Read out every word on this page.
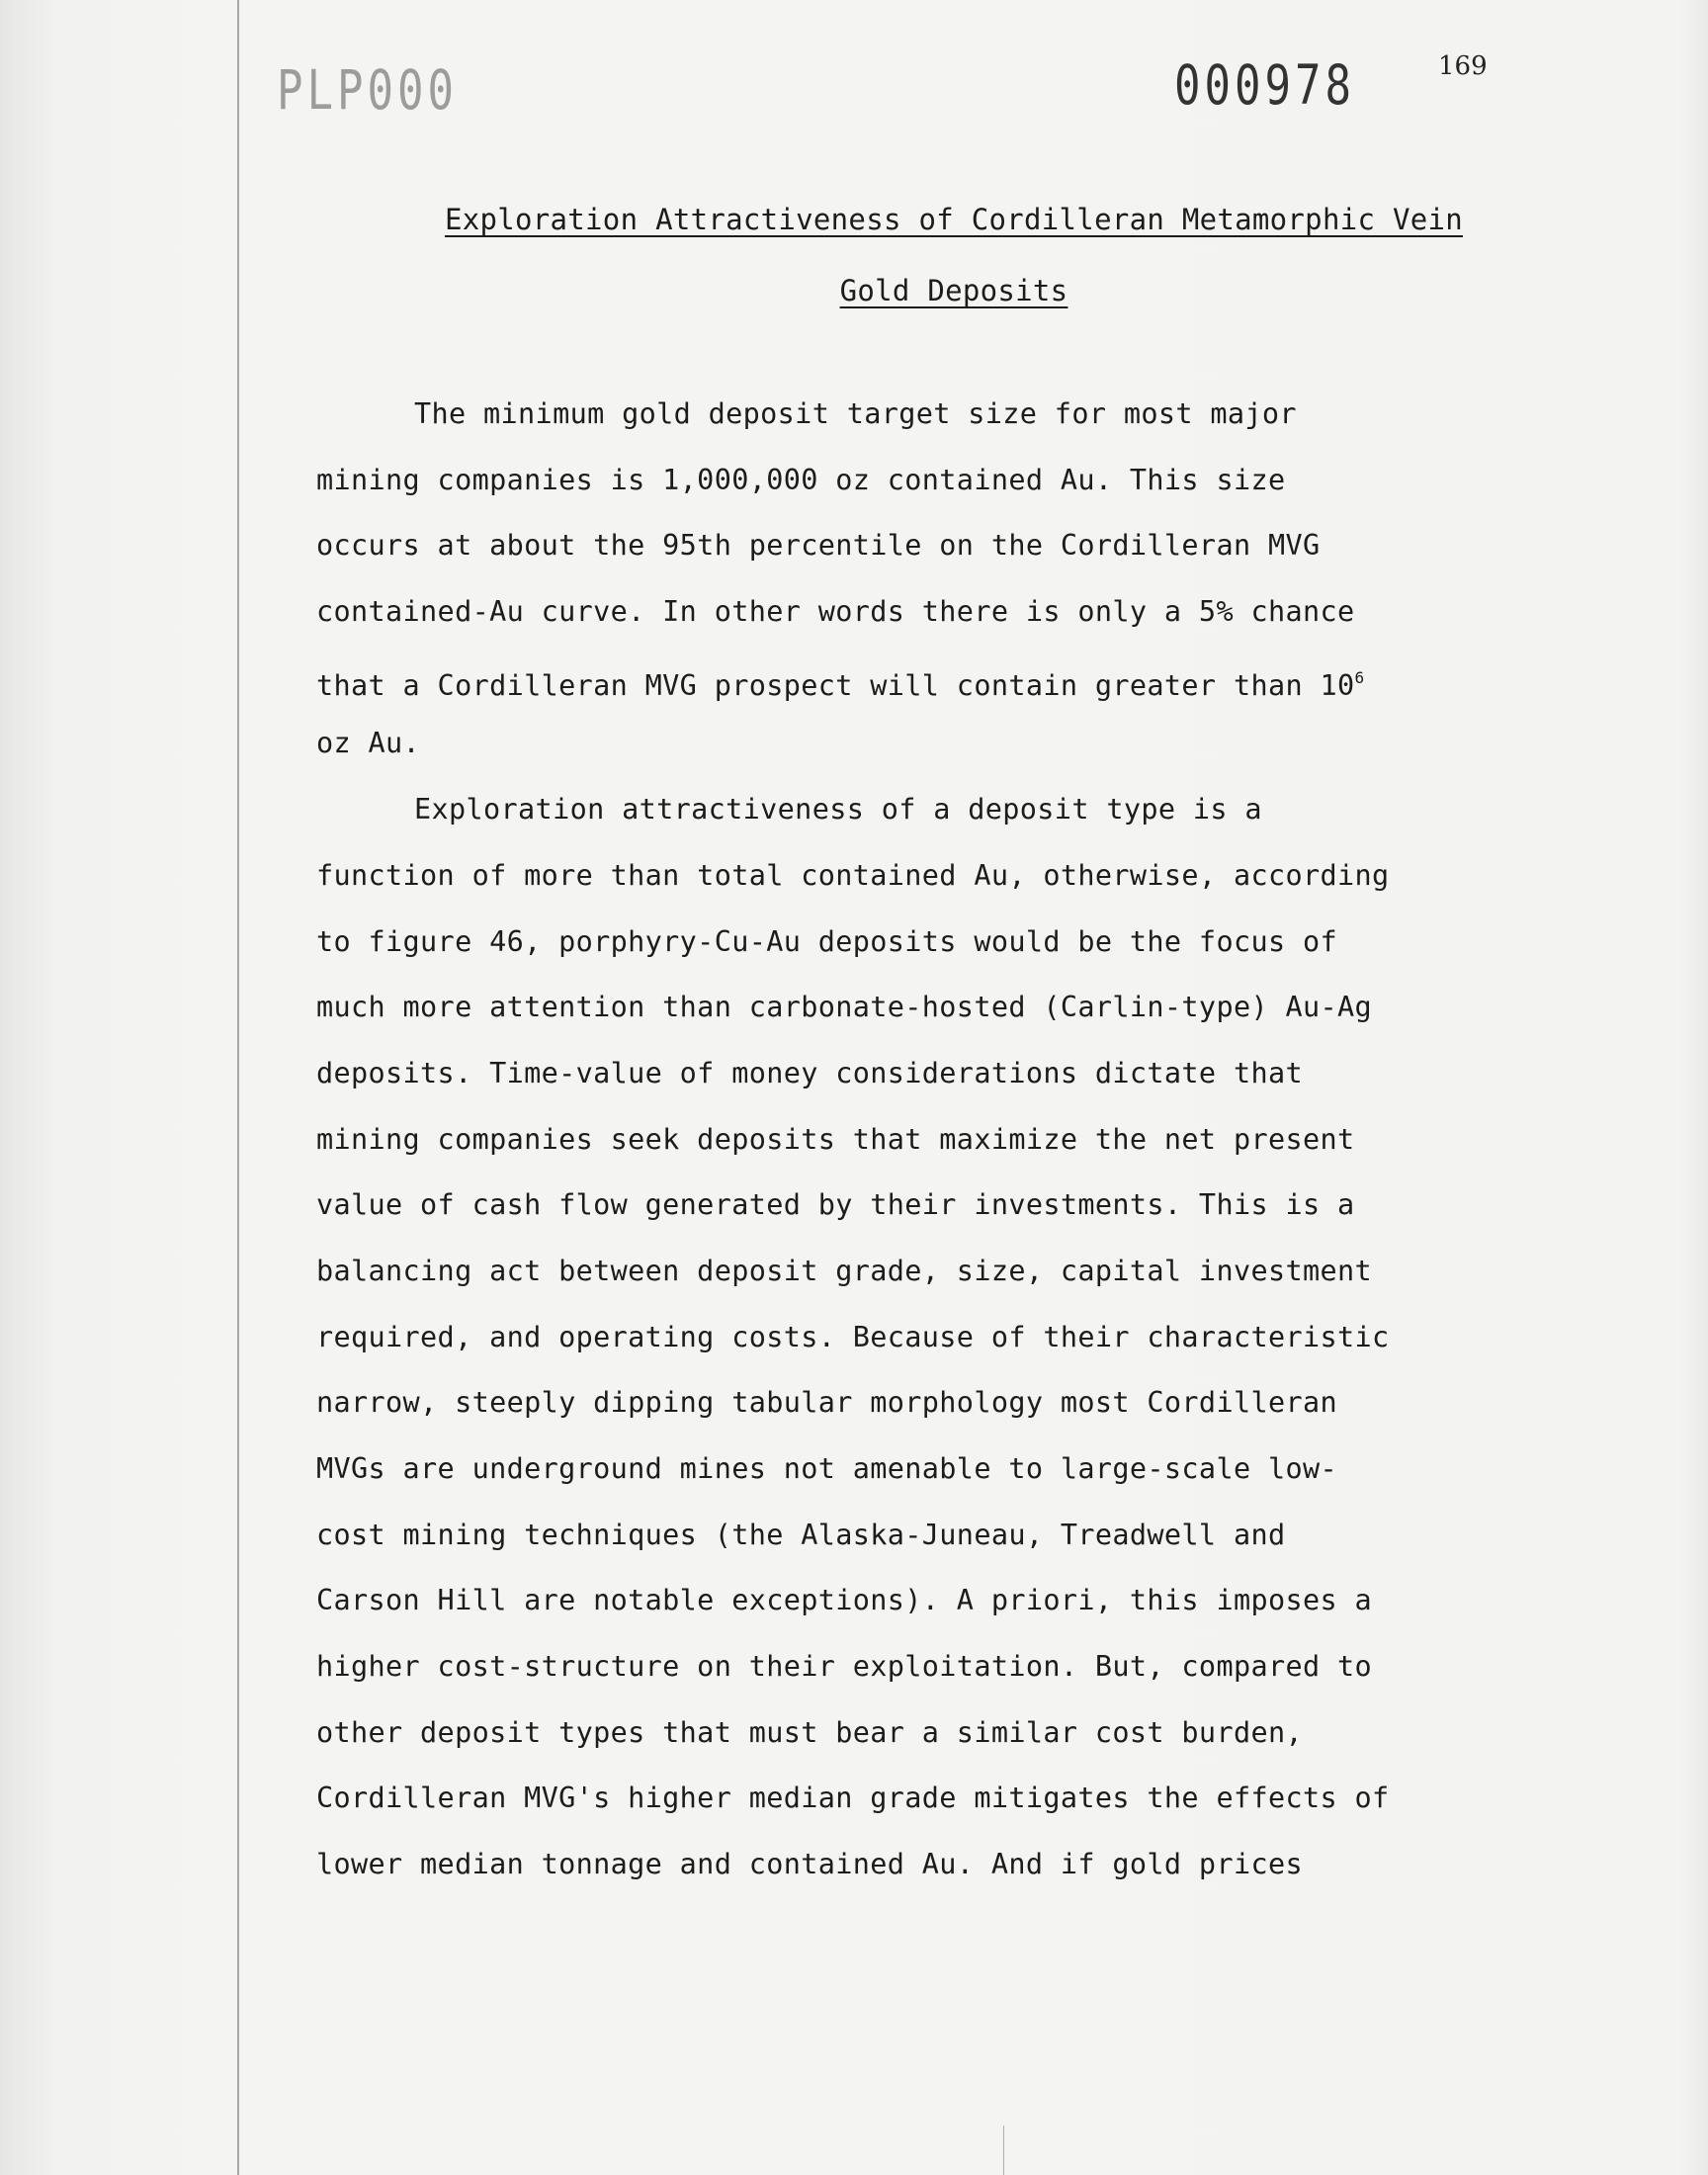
PLP000	000978	169
Exploration Attractiveness of Cordilleran Metamorphic Vein
Gold Deposits
The minimum gold deposit target size for most major
mining companies is 1,000,000 oz contained Au. This size
occurs at about the 95th percentile on the Cordilleran MVG
contained-Au curve. In other words there is only a 5% chance
that a Cordilleran MVG prospect will contain greater than $10^6$
oz Au.
Exploration attractiveness of a deposit type is a
function of more than total contained Au, otherwise, according
to figure 46, porphyry-Cu-Au deposits would be the focus of
much more attention than carbonate-hosted (Carlin-type) Au-Ag
deposits. Time-value of money considerations dictate that
mining companies seek deposits that maximize the net present
value of cash flow generated by their investments. This is a
balancing act between deposit grade, size, capital investment
required, and operating costs. Because of their characteristic
narrow, steeply dipping tabular morphology most Cordilleran
MVGs are underground mines not amenable to large-scale low-
cost mining techniques (the Alaska-Juneau, Treadwell and
Carson Hill are notable exceptions). A priori, this imposes a
higher cost-structure on their exploitation. But, compared to
other deposit types that must bear a similar cost burden,
Cordilleran MVG's higher median grade mitigates the effects of
lower median tonnage and contained Au. And if gold prices
